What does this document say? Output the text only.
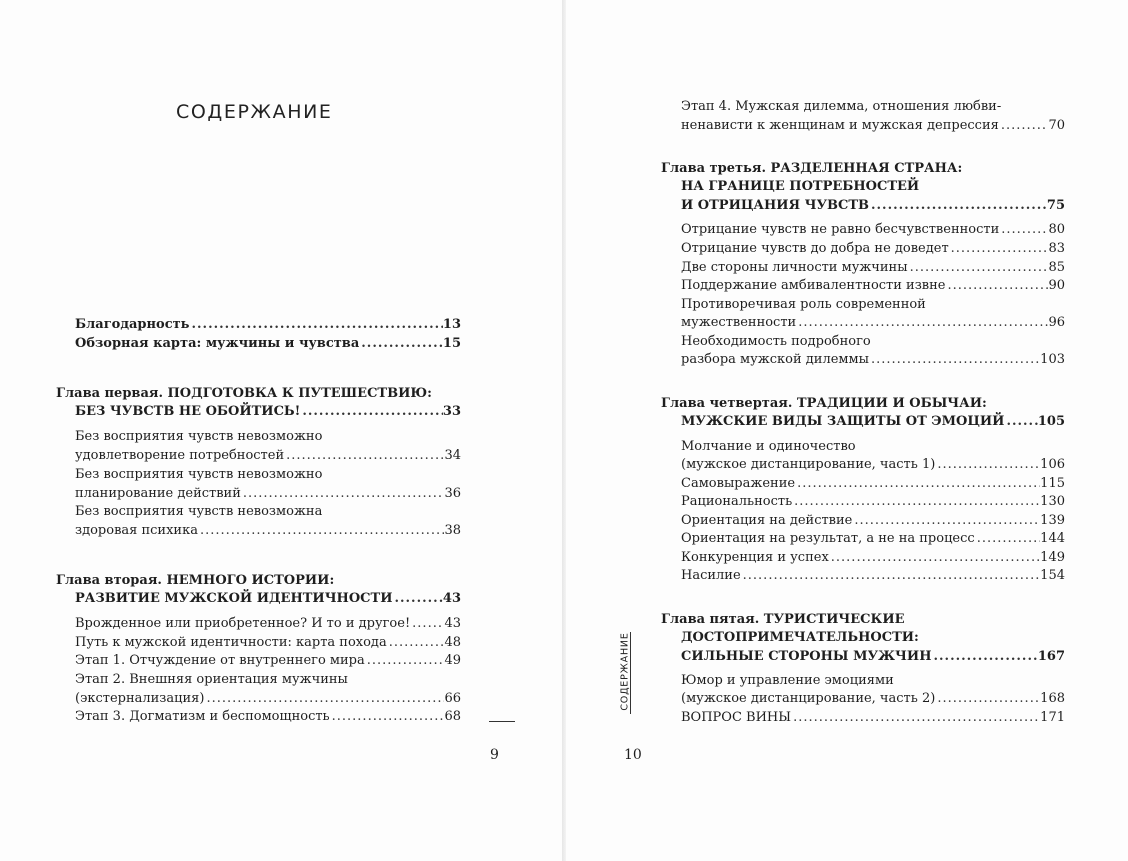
СОДЕРЖАНИЕ
Благодарность .....	13
Обзорная карта: мужчины и чувства .....	15
Глава первая. ПОДГОТОВКА К ПУТЕШЕСТВИЮ:
БЕЗ ЧУВСТВ НЕ ОБОЙТИСЬ! .....	33
Без восприятия чувств невозможно
удовлетворение потребностей .....	34
Без восприятия чувств невозможно
планирование действий .....	36
Без восприятия чувств невозможна
здоровая психика .....	38
Глава вторая. НЕМНОГО ИСТОРИИ:
РАЗВИТИЕ МУЖСКОЙ ИДЕНТИЧНОСТИ .....	43
Врожденное или приобретенное? И то и другое! .....	43
Путь к мужской идентичности: карта похода .....	48
Этап 1. Отчуждение от внутреннего мира .....	49
Этап 2. Внешняя ориентация мужчины
(экстернализация) .....	66
Этап 3. Догматизм и беспомощность .....	68
9
Этап 4. Мужская дилемма, отношения любви-
ненависти к женщинам и мужская депрессия .....	70
Глава третья. РАЗДЕЛЕННАЯ СТРАНА:
НА ГРАНИЦЕ ПОТРЕБНОСТЕЙ
И ОТРИЦАНИЯ ЧУВСТВ .....	75
Отрицание чувств не равно бесчувственности .....	80
Отрицание чувств до добра не доведет .....	83
Две стороны личности мужчины .....	85
Поддержание амбивалентности извне .....	90
Противоречивая роль современной
мужественности .....	96
Необходимость подробного
разбора мужской дилеммы .....	103
Глава четвертая. ТРАДИЦИИ И ОБЫЧАИ:
МУЖСКИЕ ВИДЫ ЗАЩИТЫ ОТ ЭМОЦИЙ .....	105
Молчание и одиночество
(мужское дистанцирование, часть 1) .....	106
Самовыражение .....	115
Рациональность .....	130
Ориентация на действие .....	139
Ориентация на результат, а не на процесс .....	144
Конкуренция и успех .....	149
Насилие .....	154
Глава пятая. ТУРИСТИЧЕСКИЕ
ДОСТОПРИМЕЧАТЕЛЬНОСТИ:
СИЛЬНЫЕ СТОРОНЫ МУЖЧИН .....	167
Юмор и управление эмоциями
(мужское дистанцирование, часть 2) .....	168
ВОПРОС ВИНЫ .....	171
СОДЕРЖАНИЕ
10
